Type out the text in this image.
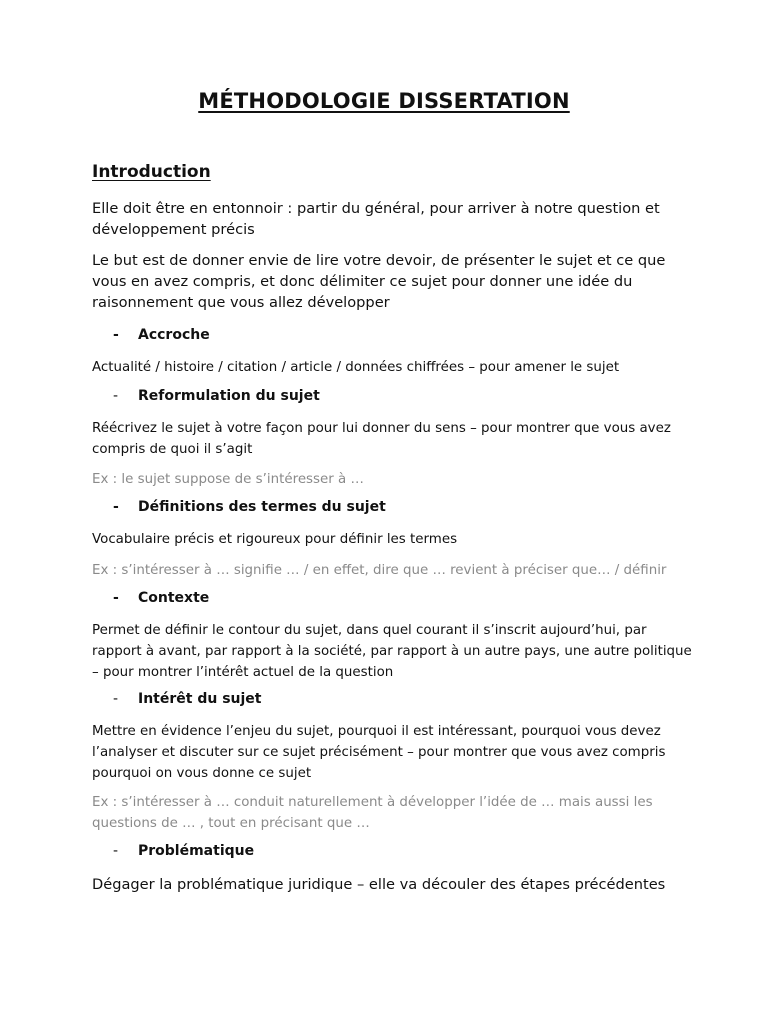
MÉTHODOLOGIE DISSERTATION
Introduction

Elle doit être en entonnoir : partir du général, pour arriver à notre question et développement précis

Le but est de donner envie de lire votre devoir, de présenter le sujet et ce que vous en avez compris, et donc délimiter ce sujet pour donner une idée du raisonnement que vous allez développer

-	Accroche

Actualité / histoire / citation / article / données chiffrées – pour amener le sujet

-	Reformulation du sujet

Réécrivez le sujet à votre façon pour lui donner du sens – pour montrer que vous avez compris de quoi il s’agit

Ex : le sujet suppose de s’intéresser à …

-	Définitions des termes du sujet

Vocabulaire précis et rigoureux pour définir les termes

Ex : s’intéresser à … signifie … / en effet, dire que … revient à préciser que… / définir

-	Contexte

Permet de définir le contour du sujet, dans quel courant il s’inscrit aujourd’hui, par rapport à avant, par rapport à la société, par rapport à un autre pays, une autre politique – pour montrer l’intérêt actuel de la question

-	Intérêt du sujet

Mettre en évidence l’enjeu du sujet, pourquoi il est intéressant, pourquoi vous devez l’analyser et discuter sur ce sujet précisément – pour montrer que vous avez compris pourquoi on vous donne ce sujet

Ex : s’intéresser à … conduit naturellement à développer l’idée de … mais aussi les questions de … , tout en précisant que …

-	Problématique

Dégager la problématique juridique – elle va découler des étapes précédentes
